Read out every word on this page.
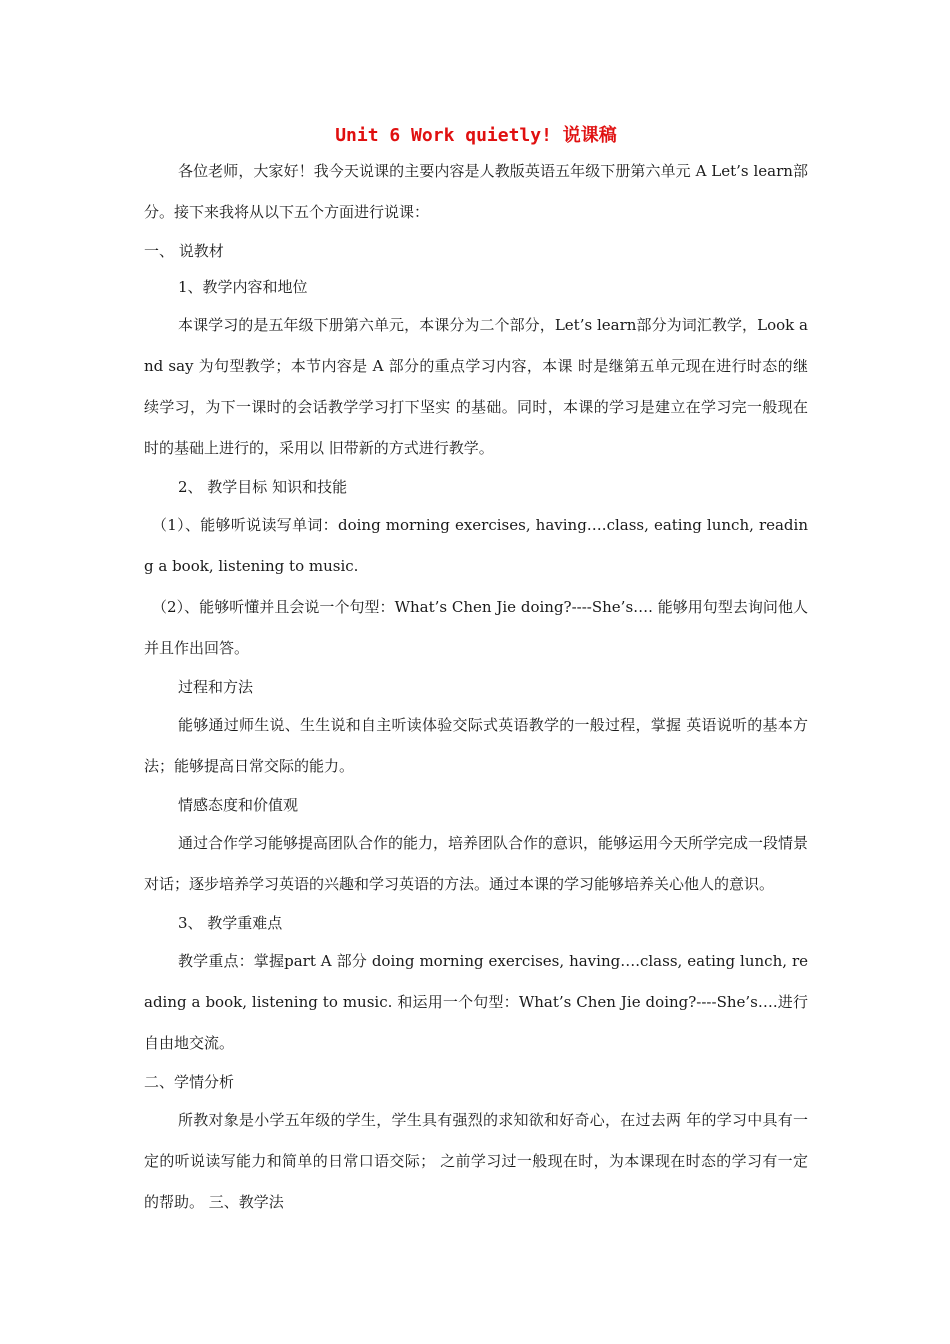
Unit 6 Work quietly! 说课稿

各位老师，大家好！我今天说课的主要内容是人教版英语五年级下册第六单元 A Let’s learn部分。接下来我将从以下五个方面进行说课：

一、 说教材

1、教学内容和地位

本课学习的是五年级下册第六单元，本课分为二个部分，Let’s learn部分为词汇教学，Look and say 为句型教学；本节内容是 A 部分的重点学习内容，本课 时是继第五单元现在进行时态的继续学习，为下一课时的会话教学学习打下坚实 的基础。同时，本课的学习是建立在学习完一般现在时的基础上进行的，采用以 旧带新的方式进行教学。

2、 教学目标 知识和技能

（1）、能够听说读写单词：doing morning exercises, having….class, eating lunch, reading a book, listening to music.

（2）、能够听懂并且会说一个句型：What’s Chen Jie doing?----She’s…. 能够用句型去询问他人并且作出回答。

过程和方法

能够通过师生说、生生说和自主听读体验交际式英语教学的一般过程，掌握 英语说听的基本方法；能够提高日常交际的能力。

情感态度和价值观

通过合作学习能够提高团队合作的能力，培养团队合作的意识，能够运用今天所学完成一段情景对话；逐步培养学习英语的兴趣和学习英语的方法。通过本课的学习能够培养关心他人的意识。

3、 教学重难点

教学重点：掌握part A 部分 doing morning exercises, having….class, eating lunch, reading a book, listening to music. 和运用一个句型：What’s Chen Jie doing?----She’s….进行自由地交流。

二、学情分析

所教对象是小学五年级的学生，学生具有强烈的求知欲和好奇心，在过去两 年的学习中具有一定的听说读写能力和简单的日常口语交际； 之前学习过一般现在时，为本课现在时态的学习有一定的帮助。 三、教学法
